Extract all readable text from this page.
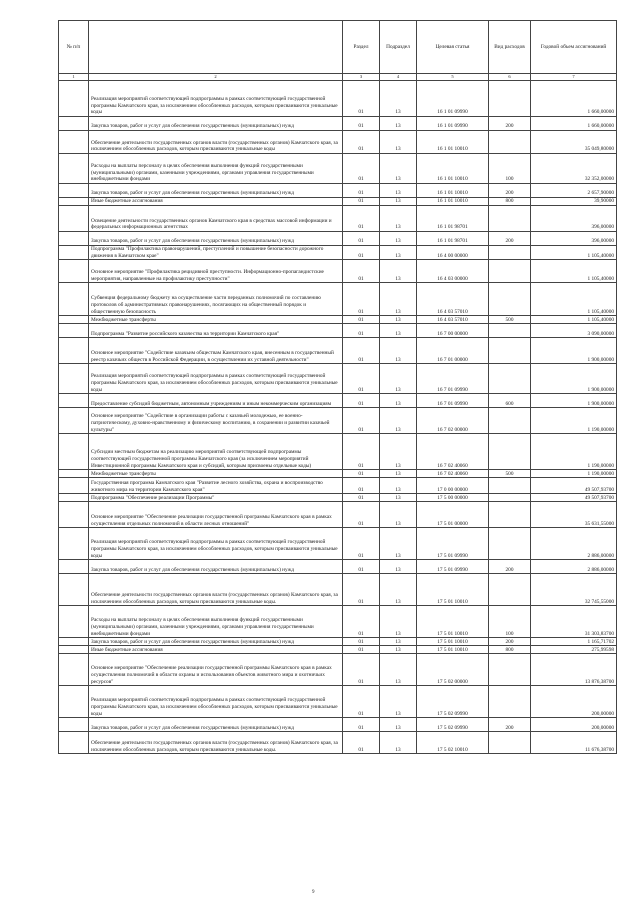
№ п/п		Раздел	Подраздел	Целевая статья	Вид расходов	Годовой объем ассигнований
1	2	3	4	5	6	7
	Реализация мероприятий соответствующей подпрограммы в рамках соответствующей государственной программы Камчатского края, за исключением обособленных расходов, которым присваиваются уникальные коды	01	13	16 1 01 09990		1 660,00000
	Закупка товаров, работ и услуг для обеспечения государственных (муниципальных) нужд	01	13	16 1 01 09990	200	1 660,00000
	Обеспечение деятельности государственных органов власти (государственных органов) Камчатского края, за исключением обособленных расходов, которым присваиваются уникальные коды	01	13	16 1 01 10010		35 049,80000
	Расходы на выплаты персоналу в целях обеспечения выполнения функций государственными (муниципальными) органами, казенными учреждениями, органами управления государственными внебюджетными фондами	01	13	16 1 01 10010	100	32 352,00000
	Закупка товаров, работ и услуг для обеспечения государственных (муниципальных) нужд	01	13	16 1 01 10010	200	2 657,90000
	Иные бюджетные ассигнования	01	13	16 1 01 10010	800	39,90000
	Освещение деятельности государственных органов Камчатского края в средствах массовой информации и федеральных информационных агентствах	01	13	16 1 01 98701		396,00000
	Закупка товаров, работ и услуг для обеспечения государственных (муниципальных) нужд	01	13	16 1 01 98701	200	396,00000
	Подпрограмма "Профилактика правонарушений, преступлений и повышение безопасности дорожного движения в Камчатском крае"	01	13	16 4 00 00000		1 105,40000
	Основное мероприятие "Профилактика рецидивной преступности. Информационно-пропагандистские мероприятия, направленные на профилактику преступности"	01	13	16 4 03 00000		1 105,40000
	Субвенция федеральному бюджету на осуществление части переданных полномочий по составлению протоколов об административных правонарушениях, посягающих на общественный порядок и общественную безопасность	01	13	16 4 03 57010		1 105,40000
	Межбюджетные трансферты	01	13	16 4 03 57010	500	1 105,40000
	Подпрограмма "Развитие российского казачества на территории Камчатского края"	01	13	16 7 00 00000		3 090,00000
	Основное мероприятие "Содействие казачьим обществам Камчатского края, внесенным в государственный реестр казачьих обществ в Российской Федерации, в осуществлении их уставной деятельности"	01	13	16 7 01 00000		1 900,00000
	Реализация мероприятий соответствующей подпрограммы в рамках соответствующей государственной программы Камчатского края, за исключением обособленных расходов, которым присваиваются уникальные коды	01	13	16 7 01 09990		1 900,00000
	Предоставление субсидий бюджетным, автономным учреждениям и иным некоммерческим организациям	01	13	16 7 01 09990	600	1 900,00000
	Основное мероприятие "Содействие в организации работы с казачьей молодежью, ее военно-патриотическому, духовно-нравственному и физическому воспитанию, в сохранении и развитии казачьей культуры"	01	13	16 7 02 00000		1 190,00000
	Субсидии местным бюджетам на реализацию мероприятий соответствующей подпрограммы соответствующей государственной программы Камчатского края (за исключением мероприятий Инвестиционной программы Камчатского края и субсидий, которым присвоены отдельные коды)	01	13	16 7 02 40060		1 190,00000
	Межбюджетные трансферты	01	13	16 7 02 40060	500	1 190,00000
	Государственная программа Камчатского края "Развитие лесного хозяйства, охрана и воспроизводство животного мира на территории Камчатского края"	01	13	17 0 00 00000		49 507,93700
	Подпрограмма "Обеспечение реализации Программы"	01	13	17 5 00 00000		49 507,93700
	Основное мероприятие "Обеспечение реализации государственной программы Камчатского края в рамках осуществления отдельных полномочий в области лесных отношений"	01	13	17 5 01 00000		35 631,55000
	Реализация мероприятий соответствующей подпрограммы в рамках соответствующей государственной программы Камчатского края, за исключением обособленных расходов, которым присваиваются уникальные коды	01	13	17 5 01 09990		2 886,00000
	Закупка товаров, работ и услуг для обеспечения государственных (муниципальных) нужд	01	13	17 5 01 09990	200	2 886,00000
	Обеспечение деятельности государственных органов власти (государственных органов) Камчатского края, за исключением обособленных расходов, которым присваиваются уникальные коды.	01	13	17 5 01 10010		32 745,55000
	Расходы на выплаты персоналу в целях обеспечения выполнения функций государственными (муниципальными) органами, казенными учреждениями, органами управления государственными внебюджетными фондами	01	13	17 5 01 10010	100	31 303,83700
	Закупка товаров, работ и услуг для обеспечения государственных (муниципальных) нужд	01	13	17 5 01 10010	200	1 165,71702
	Иные бюджетные ассигнования	01	13	17 5 01 10010	800	275,99598
	Основное мероприятие "Обеспечение реализации государственной программы Камчатского края в рамках осуществления полномочий в области охраны и использования объектов животного мира и охотничьих ресурсов"	01	13	17 5 02 00000		13 876,38700
	Реализация мероприятий соответствующей подпрограммы в рамках соответствующей государственной программы Камчатского края, за исключением обособленных расходов, которым присваиваются уникальные коды	01	13	17 5 02 09990		200,00000
	Закупка товаров, работ и услуг для обеспечения государственных (муниципальных) нужд	01	13	17 5 02 09990	200	200,00000
	Обеспечение деятельности государственных органов власти (государственных органов) Камчатского края, за исключением обособленных расходов, которым присваиваются уникальные коды.	01	13	17 5 02 10010		11 676,38700
9
